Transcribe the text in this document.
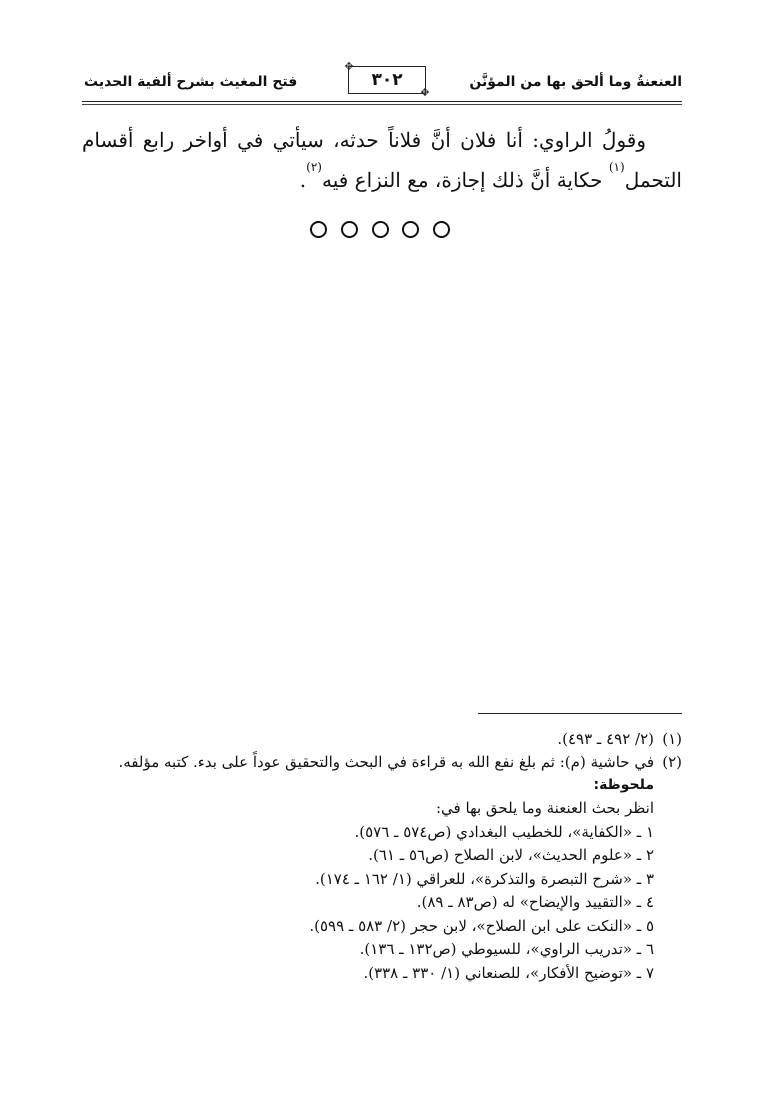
العنعنةُ وما ألحق بها من المؤنَّن
✥
٣٠٢
✥
فتح المغيث بشرح ألفية الحديث
وقولُ الراوي: أنا فلان أنَّ فلاناً حدثه، سيأتي في أواخر رابع أقسام التحمل$^{(١)}$ حكاية أنَّ ذلك إجازة، مع النزاع فيه$^{(٢)}$.
(١)
(٢/ ٤٩٢ ـ ٤٩٣).
(٢)
في حاشية (م): ثم بلغ نفع الله به قراءة في البحث والتحقيق عوداً على بدء. كتبه مؤلفه.
ملحوظة:
انظر بحث العنعنة وما يلحق بها في:
١ ـ «الكفاية»، للخطيب البغدادي (ص٥٧٤ ـ ٥٧٦).
٢ ـ «علوم الحديث»، لابن الصلاح (ص٥٦ ـ ٦١).
٣ ـ «شرح التبصرة والتذكرة»، للعراقي (١/ ١٦٢ ـ ١٧٤).
٤ ـ «التقييد والإيضاح» له (ص٨٣ ـ ٨٩).
٥ ـ «النكت على ابن الصلاح»، لابن حجر (٢/ ٥٨٣ ـ ٥٩٩).
٦ ـ «تدريب الراوي»، للسيوطي (ص١٣٢ ـ ١٣٦).
٧ ـ «توضيح الأفكار»، للصنعاني (١/ ٣٣٠ ـ ٣٣٨).
